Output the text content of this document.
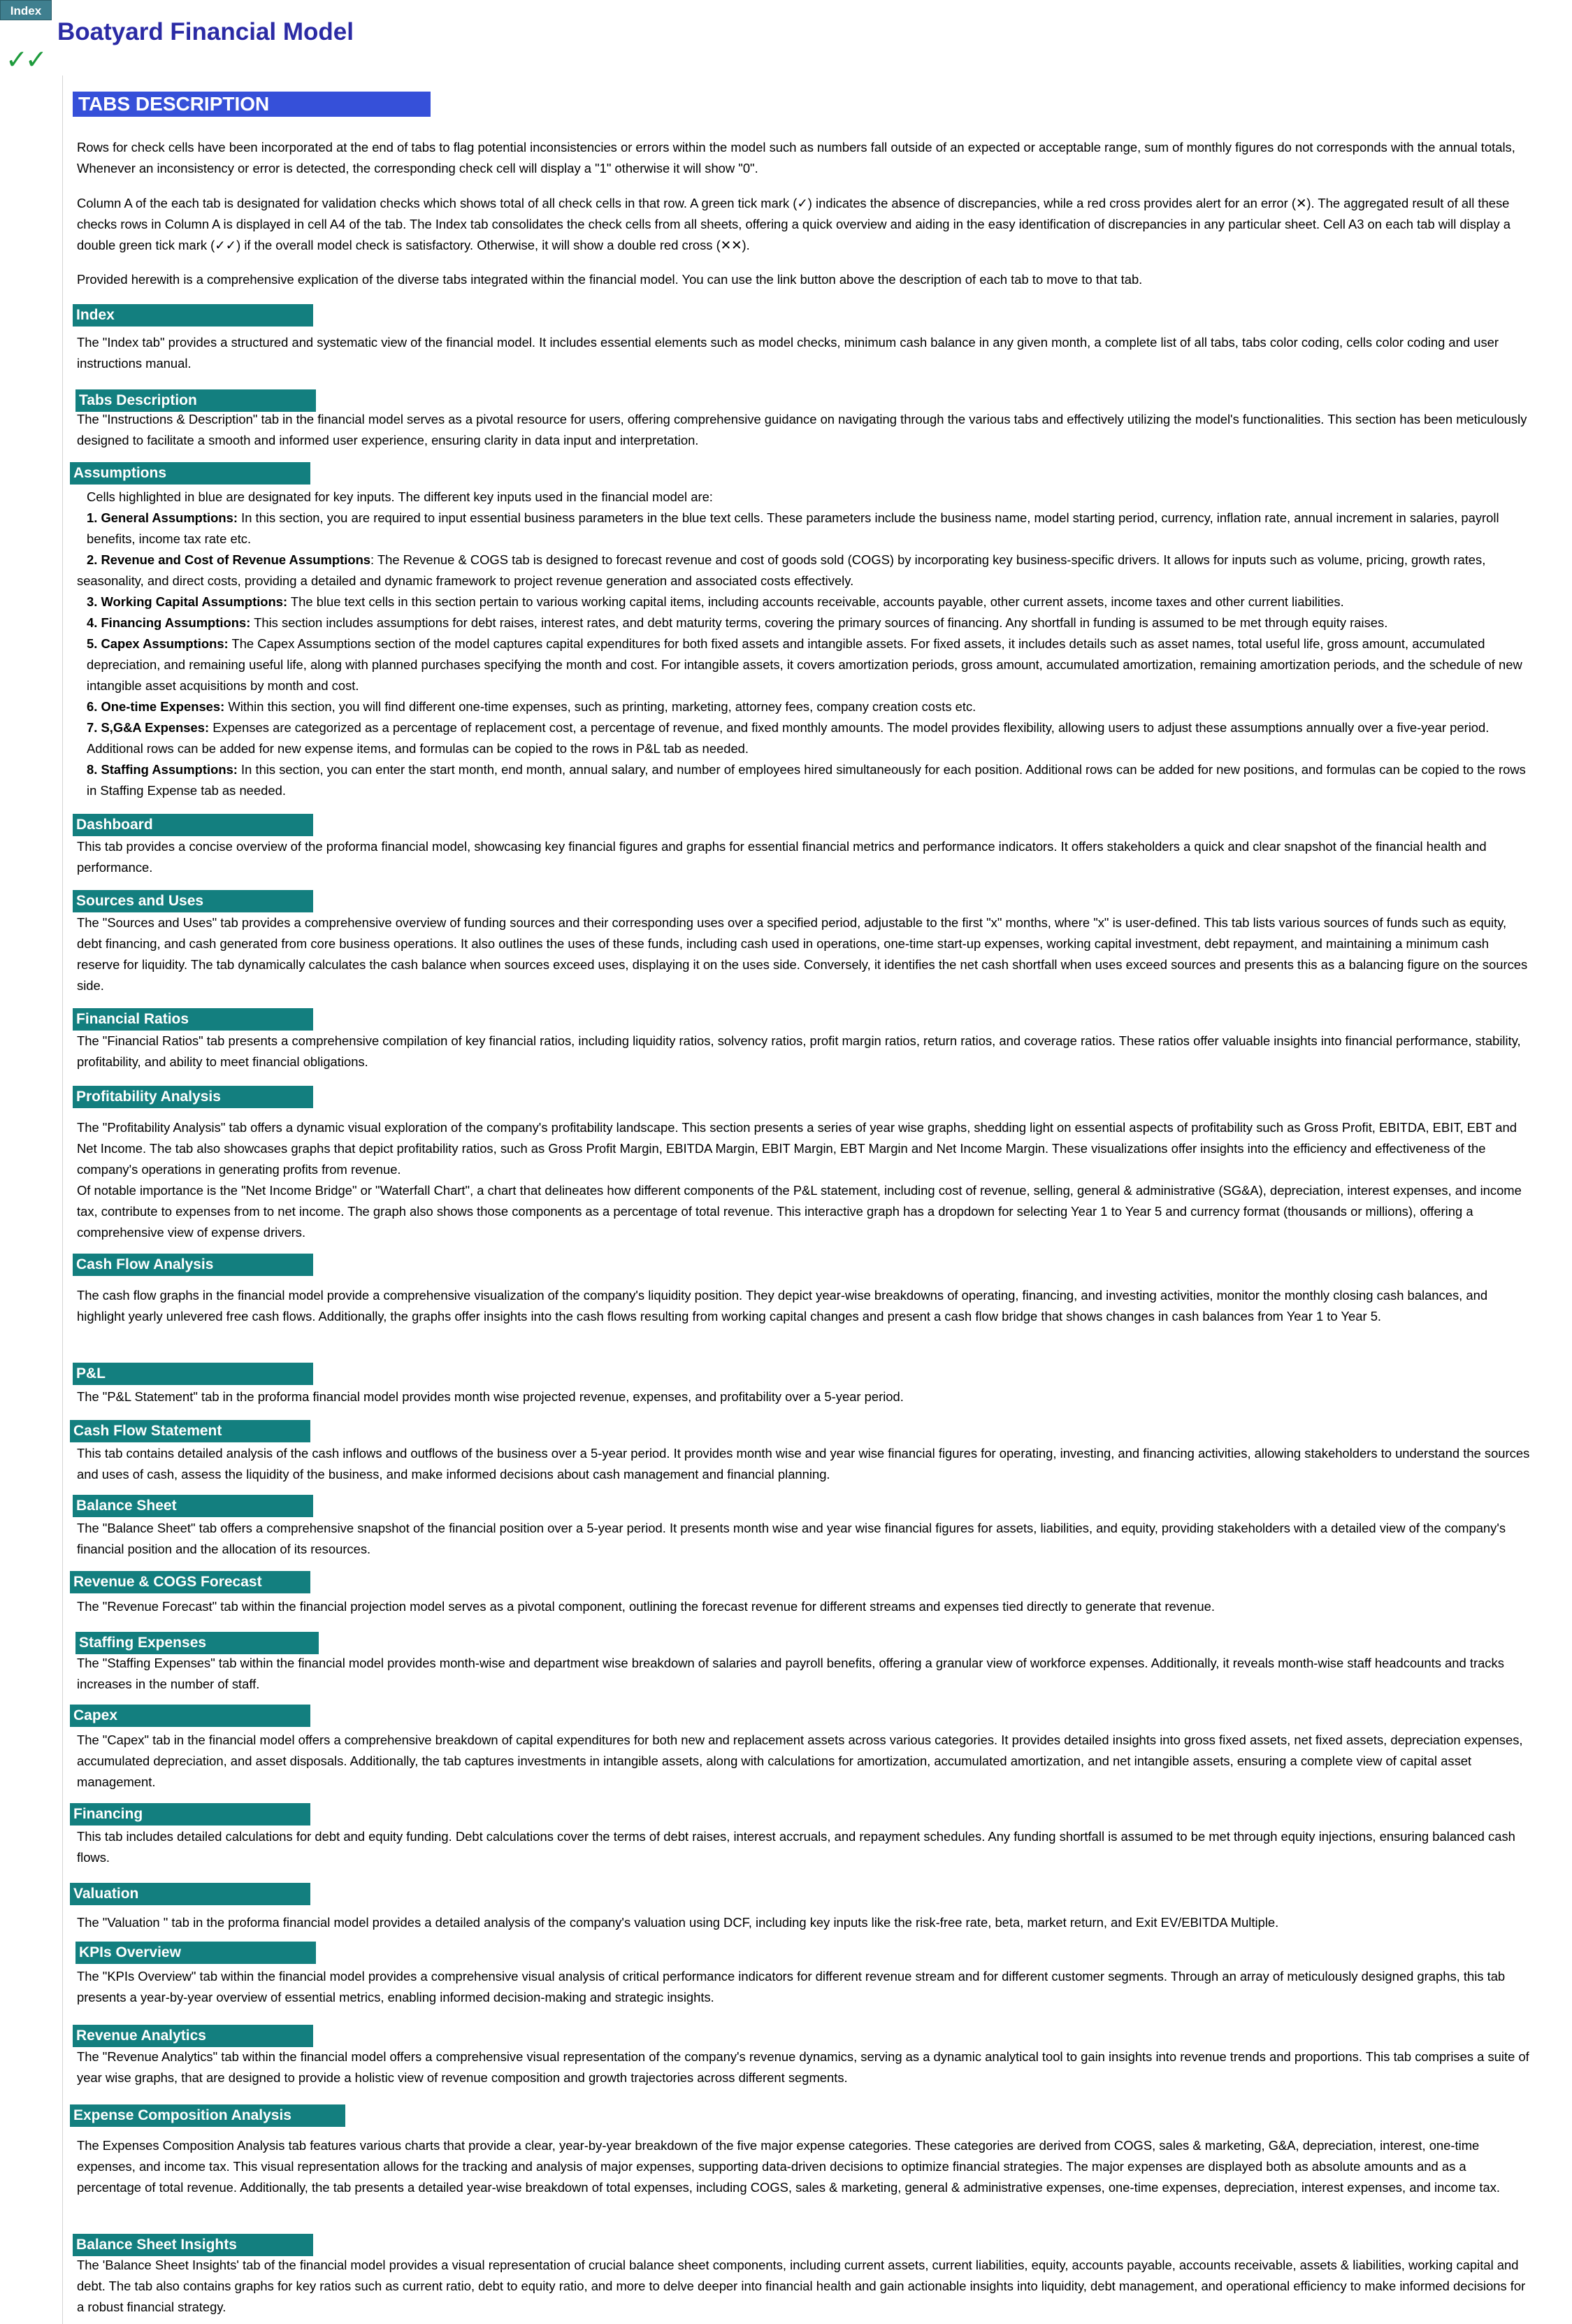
Index
Boatyard Financial Model
✓✓
TABS DESCRIPTION

Rows for check cells have been incorporated at the end of tabs to flag potential inconsistencies or errors within the model such as numbers fall outside of an expected or acceptable range, sum of monthly figures do not corresponds with the annual totals, Whenever an inconsistency or error is detected, the corresponding check cell will display a "1" otherwise it will show "0".

Column A of the each tab is designated for validation checks which shows total of all check cells in that row. A green tick mark (✓) indicates the absence of discrepancies, while a red cross provides alert for an error (✕). The aggregated result of all these checks rows in Column A is displayed in cell A4 of the tab. The Index tab consolidates the check cells from all sheets, offering a quick overview and aiding in the easy identification of discrepancies in any particular sheet. Cell A3 on each tab will display a double green tick mark (✓✓) if the overall model check is satisfactory. Otherwise, it will show a double red cross (✕✕).

Provided herewith is a comprehensive explication of the diverse tabs integrated within the financial model. You can use the link button above the description of each tab to move to that tab.

Index

The "Index tab" provides a structured and systematic view of the financial model. It includes essential elements such as model checks, minimum cash balance in any given month, a complete list of all tabs, tabs color coding, cells color coding and user instructions manual.

Tabs Description

The "Instructions & Description" tab in the financial model serves as a pivotal resource for users, offering comprehensive guidance on navigating through the various tabs and effectively utilizing the model's functionalities. This section has been meticulously designed to facilitate a smooth and informed user experience, ensuring clarity in data input and interpretation.

Assumptions
Cells highlighted in blue are designated for key inputs. The different key inputs used in the financial model are:
1. General Assumptions: In this section, you are required to input essential business parameters in the blue text cells. These parameters include the business name, model starting period, currency, inflation rate, annual increment in salaries, payroll benefits, income tax rate etc.
2. Revenue and Cost of Revenue Assumptions: The Revenue & COGS tab is designed to forecast revenue and cost of goods sold (COGS) by incorporating key business-specific drivers. It allows for inputs such as volume, pricing, growth rates, seasonality, and direct costs, providing a detailed and dynamic framework to project revenue generation and associated costs effectively.
3. Working Capital Assumptions: The blue text cells in this section pertain to various working capital items, including accounts receivable, accounts payable, other current assets, income taxes and other current liabilities.
4. Financing Assumptions: This section includes assumptions for debt raises, interest rates, and debt maturity terms, covering the primary sources of financing. Any shortfall in funding is assumed to be met through equity raises.
5. Capex Assumptions: The Capex Assumptions section of the model captures capital expenditures for both fixed assets and intangible assets. For fixed assets, it includes details such as asset names, total useful life, gross amount, accumulated depreciation, and remaining useful life, along with planned purchases specifying the month and cost. For intangible assets, it covers amortization periods, gross amount, accumulated amortization, remaining amortization periods, and the schedule of new intangible asset acquisitions by month and cost.
6. One-time Expenses: Within this section, you will find different one-time expenses, such as printing, marketing, attorney fees, company creation costs etc.
7. S,G&A Expenses: Expenses are categorized as a percentage of replacement cost, a percentage of revenue, and fixed monthly amounts. The model provides flexibility, allowing users to adjust these assumptions annually over a five-year period. Additional rows can be added for new expense items, and formulas can be copied to the rows in P&L tab as needed.
8. Staffing Assumptions: In this section, you can enter the start month, end month, annual salary, and number of employees hired simultaneously for each position. Additional rows can be added for new positions, and formulas can be copied to the rows in Staffing Expense tab as needed.
Dashboard

This tab provides a concise overview of the proforma financial model, showcasing key financial figures and graphs for essential financial metrics and performance indicators. It offers stakeholders a quick and clear snapshot of the financial health and performance.

Sources and Uses

The "Sources and Uses" tab provides a comprehensive overview of funding sources and their corresponding uses over a specified period, adjustable to the first "x" months, where "x" is user-defined. This tab lists various sources of funds such as equity, debt financing, and cash generated from core business operations. It also outlines the uses of these funds, including cash used in operations, one-time start-up expenses, working capital investment, debt repayment, and maintaining a minimum cash reserve for liquidity. The tab dynamically calculates the cash balance when sources exceed uses, displaying it on the uses side. Conversely, it identifies the net cash shortfall when uses exceed sources and presents this as a balancing figure on the sources side.

Financial Ratios

The "Financial Ratios" tab presents a comprehensive compilation of key financial ratios, including liquidity ratios, solvency ratios, profit margin ratios, return ratios, and coverage ratios. These ratios offer valuable insights into financial performance, stability, profitability, and ability to meet financial obligations.

Profitability Analysis

The "Profitability Analysis" tab offers a dynamic visual exploration of the company's profitability landscape. This section presents a series of year wise graphs, shedding light on essential aspects of profitability such as Gross Profit, EBITDA, EBIT, EBT and Net Income. The tab also showcases graphs that depict profitability ratios, such as Gross Profit Margin, EBITDA Margin, EBIT Margin, EBT Margin and Net Income Margin. These visualizations offer insights into the efficiency and effectiveness of the company's operations in generating profits from revenue.

Of notable importance is the "Net Income Bridge" or "Waterfall Chart", a chart that delineates how different components of the P&L statement, including cost of revenue, selling, general & administrative (SG&A), depreciation, interest expenses, and income tax, contribute to expenses from to net income. The graph also shows those components as a percentage of total revenue. This interactive graph has a dropdown for selecting Year 1 to Year 5 and currency format (thousands or millions), offering a comprehensive view of expense drivers.

Cash Flow Analysis

The cash flow graphs in the financial model provide a comprehensive visualization of the company's liquidity position. They depict year-wise breakdowns of operating, financing, and investing activities, monitor the monthly closing cash balances, and highlight yearly unlevered free cash flows. Additionally, the graphs offer insights into the cash flows resulting from working capital changes and present a cash flow bridge that shows changes in cash balances from Year 1 to Year 5.

P&L

The "P&L Statement" tab in the proforma financial model provides month wise projected revenue, expenses, and profitability over a 5-year period.

Cash Flow Statement

This tab contains detailed analysis of the cash inflows and outflows of the business over a 5-year period. It provides month wise and year wise financial figures for operating, investing, and financing activities, allowing stakeholders to understand the sources and uses of cash, assess the liquidity of the business, and make informed decisions about cash management and financial planning.

Balance Sheet

The "Balance Sheet" tab offers a comprehensive snapshot of the financial position over a 5-year period. It presents month wise and year wise financial figures for assets, liabilities, and equity, providing stakeholders with a detailed view of the company's financial position and the allocation of its resources.

Revenue & COGS Forecast

The "Revenue Forecast" tab within the financial projection model serves as a pivotal component, outlining the forecast revenue for different streams and expenses tied directly to generate that revenue.

Staffing Expenses

The "Staffing Expenses" tab within the financial model provides month-wise and department wise breakdown of salaries and payroll benefits, offering a granular view of workforce expenses. Additionally, it reveals month-wise staff headcounts and tracks increases in the number of staff.

Capex

The "Capex" tab in the financial model offers a comprehensive breakdown of capital expenditures for both new and replacement assets across various categories. It provides detailed insights into gross fixed assets, net fixed assets, depreciation expenses, accumulated depreciation, and asset disposals. Additionally, the tab captures investments in intangible assets, along with calculations for amortization, accumulated amortization, and net intangible assets, ensuring a complete view of capital asset management.

Financing

This tab includes detailed calculations for debt and equity funding. Debt calculations cover the terms of debt raises, interest accruals, and repayment schedules. Any funding shortfall is assumed to be met through equity injections, ensuring balanced cash flows.

Valuation

The "Valuation " tab in the proforma financial model provides a detailed analysis of the company's valuation using DCF, including key inputs like the risk-free rate, beta, market return, and Exit EV/EBITDA Multiple.

KPIs Overview

The "KPIs Overview" tab within the financial model provides a comprehensive visual analysis of critical performance indicators for different revenue stream and for different customer segments. Through an array of meticulously designed graphs, this tab presents a year-by-year overview of essential metrics, enabling informed decision-making and strategic insights.

Revenue Analytics

The "Revenue Analytics" tab within the financial model offers a comprehensive visual representation of the company's revenue dynamics, serving as a dynamic analytical tool to gain insights into revenue trends and proportions. This tab comprises a suite of year wise graphs, that are designed to provide a holistic view of revenue composition and growth trajectories across different segments.

Expense Composition Analysis

The Expenses Composition Analysis tab features various charts that provide a clear, year-by-year breakdown of the five major expense categories. These categories are derived from COGS, sales & marketing, G&A, depreciation, interest, one-time expenses, and income tax. This visual representation allows for the tracking and analysis of major expenses, supporting data-driven decisions to optimize financial strategies. The major expenses are displayed both as absolute amounts and as a percentage of total revenue. Additionally, the tab presents a detailed year-wise breakdown of total expenses, including COGS, sales & marketing, general & administrative expenses, one-time expenses, depreciation, interest expenses, and income tax.

Balance Sheet Insights

The 'Balance Sheet Insights' tab of the financial model provides a visual representation of crucial balance sheet components, including current assets, current liabilities, equity, accounts payable, accounts receivable, assets & liabilities, working capital and debt. The tab also contains graphs for key ratios such as current ratio, debt to equity ratio, and more to delve deeper into financial health and gain actionable insights into liquidity, debt management, and operational efficiency to make informed decisions for a robust financial strategy.
